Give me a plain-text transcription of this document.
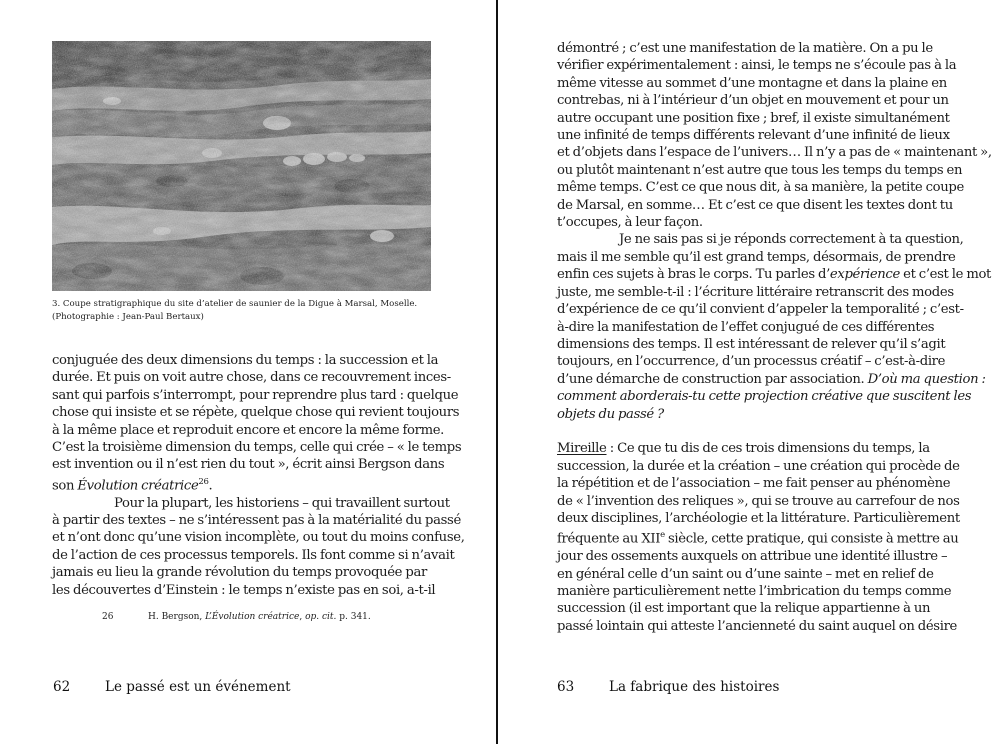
3. Coupe stratigraphique du site d’atelier de saunier de la Digue à Marsal, Moselle.

(Photographie : Jean-Paul Bertaux)

conjuguée des deux dimensions du temps : la succession et la

durée. Et puis on voit autre chose, dans ce recouvrement inces-

sant qui parfois s’interrompt, pour reprendre plus tard : quelque

chose qui insiste et se répète, quelque chose qui revient toujours

à la même place et reproduit encore et encore la même forme.

C’est la troisième dimension du temps, celle qui crée – « le temps

est invention ou il n’est rien du tout », écrit ainsi Bergson dans

son Évolution créatrice$^{26}$.

Pour la plupart, les historiens – qui travaillent surtout

à partir des textes – ne s’intéressent pas à la matérialité du passé

et n’ont donc qu’une vision incomplète, ou tout du moins confuse,

de l’action de ces processus temporels. Ils font comme si n’avait

jamais eu lieu la grande révolution du temps provoquée par

les découvertes d’Einstein : le temps n’existe pas en soi, a-t-il

26	H. Bergson, L’Évolution créatrice, op. cit. p. 341.
62	Le passé est un événement

démontré ; c’est une manifestation de la matière. On a pu le

vérifier expérimentalement : ainsi, le temps ne s’écoule pas à la

même vitesse au sommet d’une montagne et dans la plaine en

contrebas, ni à l’intérieur d’un objet en mouvement et pour un

autre occupant une position fixe ; bref, il existe simultanément

une infinité de temps différents relevant d’une infinité de lieux

et d’objets dans l’espace de l’univers… Il n’y a pas de « maintenant »,

ou plutôt maintenant n’est autre que tous les temps du temps en

même temps. C’est ce que nous dit, à sa manière, la petite coupe

de Marsal, en somme… Et c’est ce que disent les textes dont tu

t’occupes, à leur façon.

Je ne sais pas si je réponds correctement à ta question,

mais il me semble qu’il est grand temps, désormais, de prendre

enfin ces sujets à bras le corps. Tu parles d’expérience et c’est le mot

juste, me semble-t-il : l’écriture littéraire retranscrit des modes

d’expérience de ce qu’il convient d’appeler la temporalité ; c’est-

à-dire la manifestation de l’effet conjugué de ces différentes

dimensions des temps. Il est intéressant de relever qu’il s’agit

toujours, en l’occurrence, d’un processus créatif – c’est-à-dire

d’une démarche de construction par association. D’où ma question :

comment aborderais-tu cette projection créative que suscitent les

objets du passé ?

Mireille : Ce que tu dis de ces trois dimensions du temps, la

succession, la durée et la création – une création qui procède de

la répétition et de l’association – me fait penser au phénomène

de « l’invention des reliques », qui se trouve au carrefour de nos

deux disciplines, l’archéologie et la littérature. Particulièrement

fréquente au XIIe siècle, cette pratique, qui consiste à mettre au

jour des ossements auxquels on attribue une identité illustre –

en général celle d’un saint ou d’une sainte – met en relief de

manière particulièrement nette l’imbrication du temps comme

succession (il est important que la relique appartienne à un

passé lointain qui atteste l’ancienneté du saint auquel on désire

63	La fabrique des histoires
